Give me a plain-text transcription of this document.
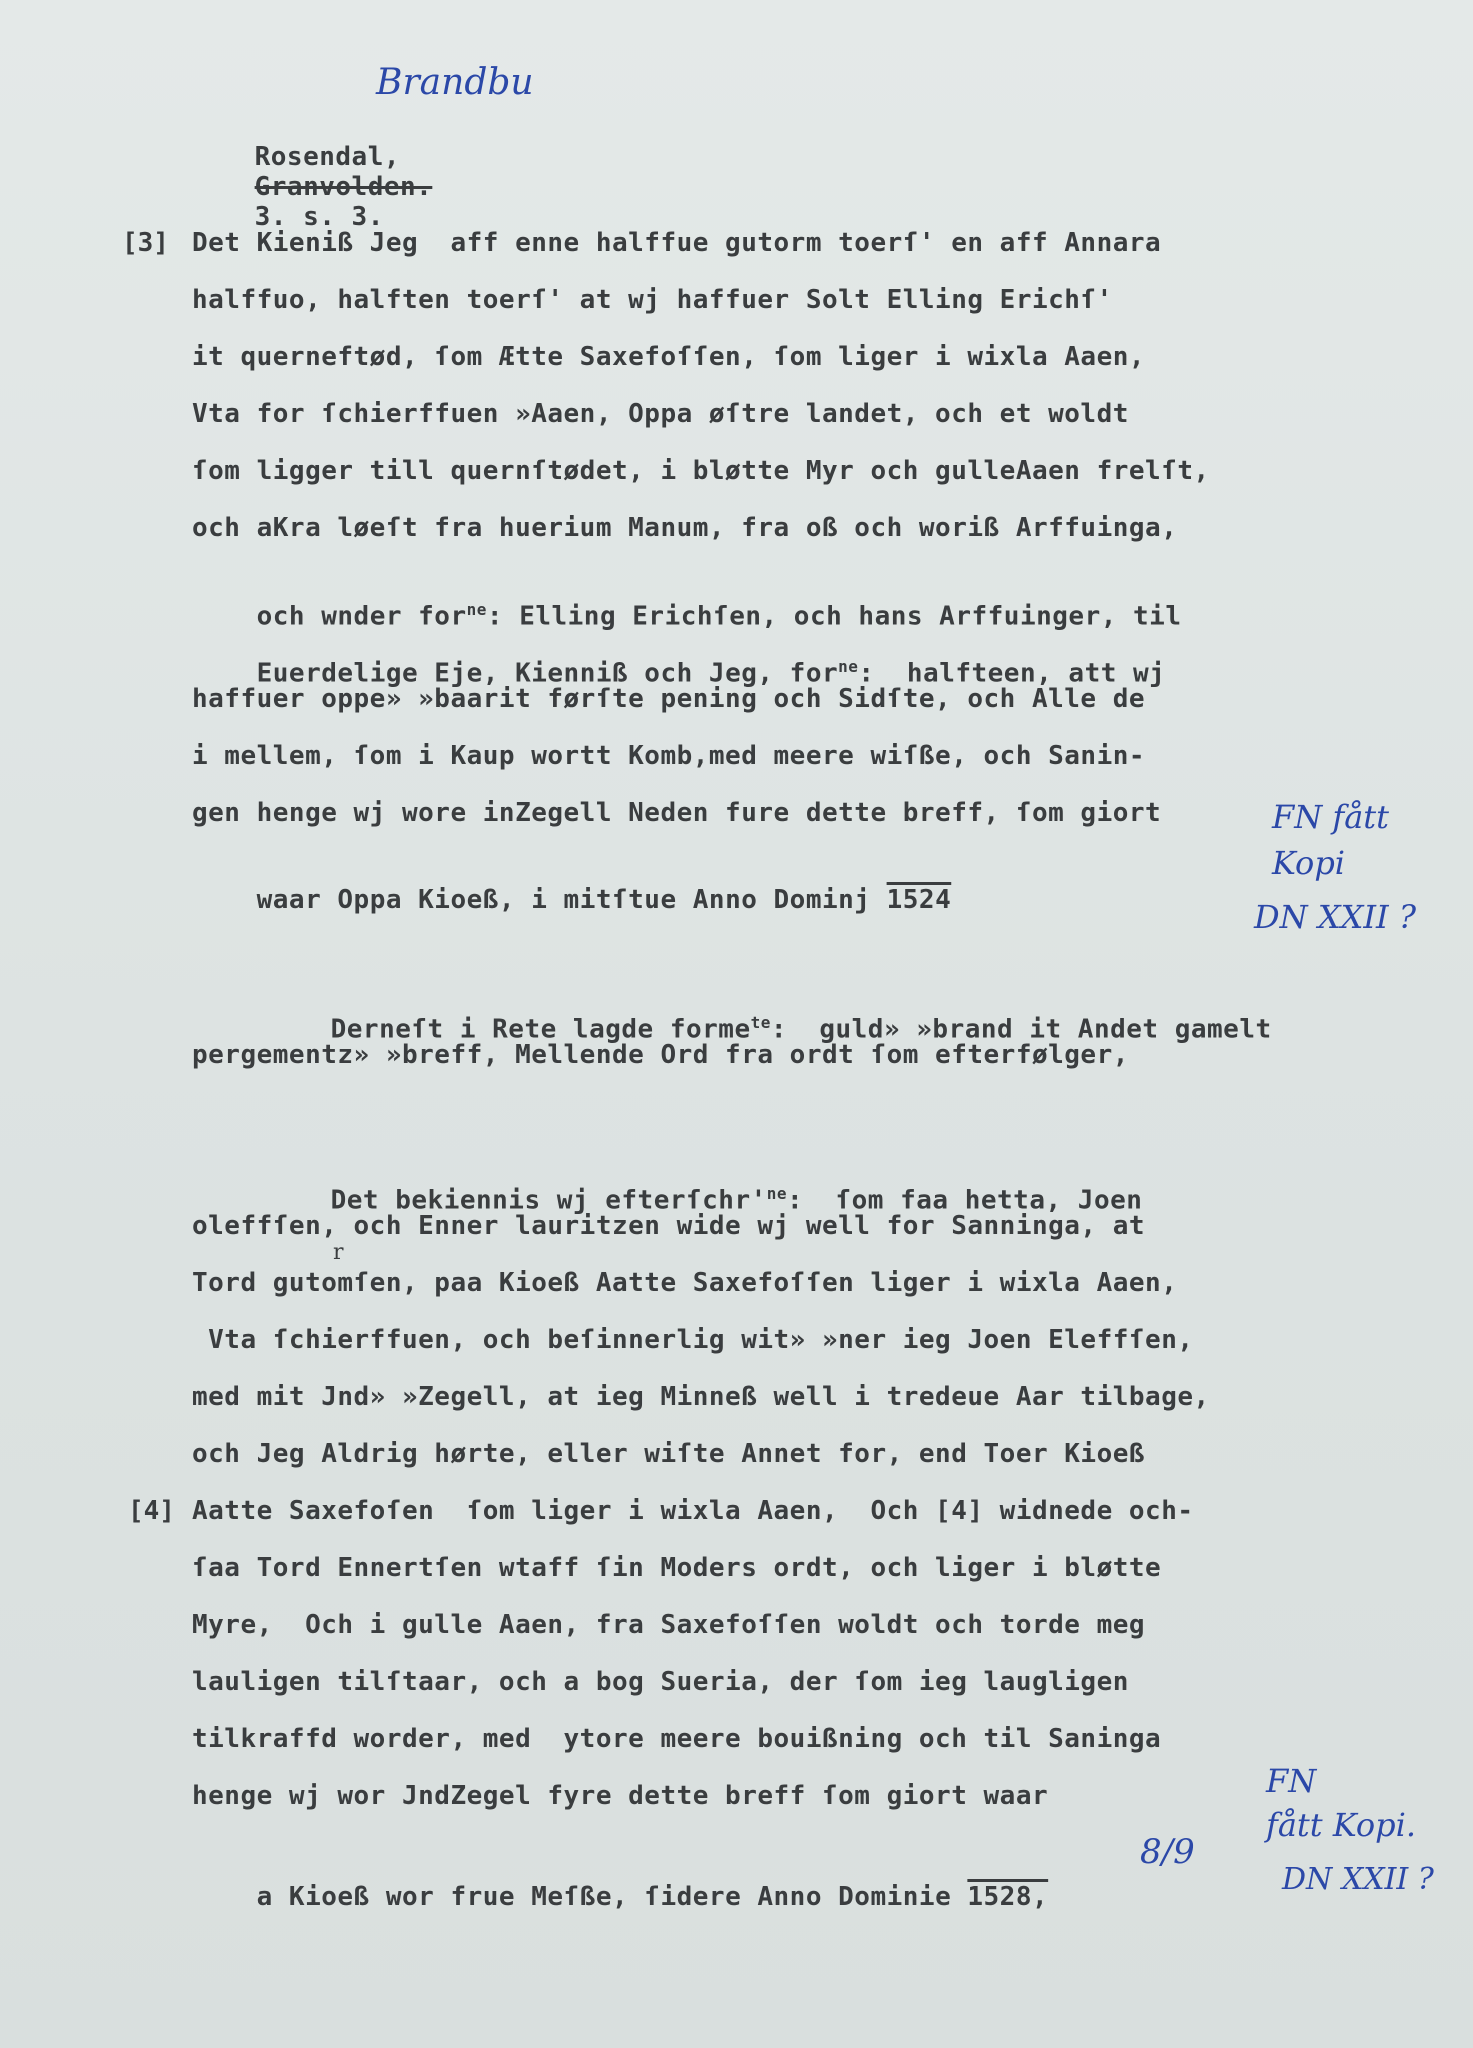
Rosendal,
Granvolden.
3. s. 3.

Brandbu
[3] Det Kieniß Jeg  aff enne halffue gutorm toerſ' en aff Annara
halffuo, halften toerſ' at wj haffuer Solt Elling Erichſ'
it querneftød, ſom Ætte Saxefoſſen, ſom liger i wixla Aaen,
Vta for ſchierffuen »Aaen, Oppa øſtre landet, och et woldt
ſom ligger till quernſtødet, i bløtte Myr och gulleAaen frelſt,
och aKra løeſt fra huerium Manum, fra oß och worіß Arffuinga,

och wnder for$^{ne}$: Elling Erichſen, och hans Arffuinger, til

Euerdelige Eje, Kienniß och Jeg, for$^{ne}$:  halfteen, att wj

haffuer oppe» »baarit førſte pening och Sidſte, och Alle de
i mellem, ſom i Kaup wortt Komb,med meere wiſße, och Sanin-
gen henge wj wore inZegell Neden fure dette breff, ſom giort

waar Oppa Kioeß, i mitſtue Anno Dominj 1524

FN fått
Kopi
DN XXII ?

Derneſt i Rete lagde forme$^{te}$:  guld» »brand it Andet gamelt

pergementz» »breff, Mellende Ord fra ordt ſom efterfølger,

Det bekiennis wj $efterſchr'^{ne}$:  ſom faa hetta, Joen

oleffſen, och Enner lauritzen wide wj well for Sanninga, at
Tord gutomſen, paa Kioeß Aatte Saxefoſſen liger i wixla Aaen,
r
Vta ſchierffuen, och beſinnerlig wit» »ner ieg Joen Eleffſen,
med mit Jnd» »Zegell, at ieg Minneß well i tredeue Aar tilbage,
och Jeg Aldrig hørte, eller wiſte Annet for, end Toer Kioeß
[4] Aatte Saxefoſen  ſom liger i wixla Aaen,  Och [4] widnede och-
ſaa Tord Ennertſen wtaff ſin Moders ordt, och liger i bløtte
Myre,  Och i gulle Aaen, fra Saxefoſſen woldt och torde meg
lauligen tilſtaar, och a bog Sueria, der ſom ieg laugligen
tilkraffd worder, med  ytore meere bouißning och til Saninga
henge wj wor JndZegel fyre dette breff ſom giort waar

a Kioeß wor frue Meſße, ſidere Anno Dominie 1528,

FN
fått Kopi.
DN XXII ?
8/9
